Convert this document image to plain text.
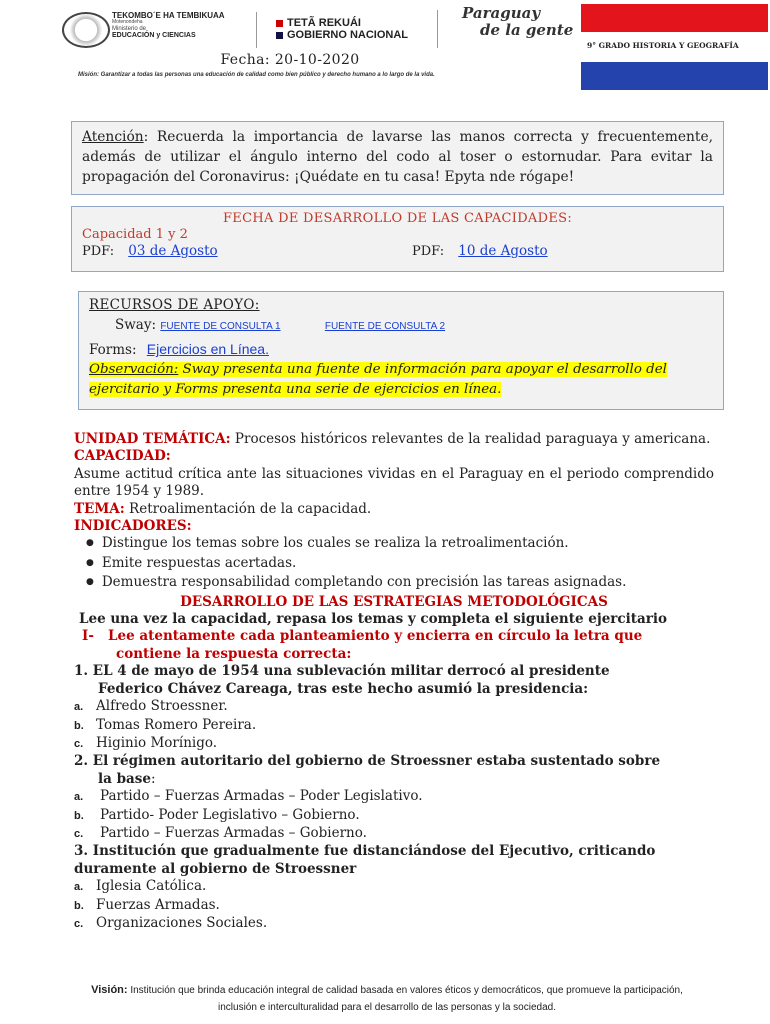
TEKOMBO´E HA TEMBIKUAA
Motenondeha
Ministerio de
EDUCACIÓN y CIENCIAS
TETÃ REKUÁI
GOBIERNO NACIONAL
Paraguay
de la gente
9° GRADO HISTORIA Y GEOGRAFÍA
Fecha: 20-10-2020
Misión: Garantizar a todas las personas una educación de calidad como bien público y derecho humano a lo largo de la vida.
Atención: Recuerda la importancia de lavarse las manos correcta y frecuentemente, además de utilizar el ángulo interno del codo al toser o estornudar. Para evitar la propagación del Coronavirus: ¡Quédate en tu casa! Epyta nde rógape!
FECHA DE DESARROLLO DE LAS CAPACIDADES:
Capacidad 1 y 2
PDF: 03 de Agosto	PDF: 10 de Agosto
RECURSOS DE APOYO:
Sway: FUENTE DE CONSULTA 1	FUENTE DE CONSULTA 2
Forms: Ejercicios en Línea.
Observación: Sway presenta una fuente de información para apoyar el desarrollo del ejercitario y Forms presenta una serie de ejercicios en línea.
UNIDAD TEMÁTICA: Procesos históricos relevantes de la realidad paraguaya y americana.
CAPACIDAD:
Asume actitud crítica ante las situaciones vividas en el Paraguay en el periodo comprendido entre 1954 y 1989.
TEMA: Retroalimentación de la capacidad.
INDICADORES:
● Distingue los temas sobre los cuales se realiza la retroalimentación.
● Emite respuestas acertadas.
● Demuestra responsabilidad completando con precisión las tareas asignadas.
DESARROLLO DE LAS ESTRATEGIAS METODOLÓGICAS
Lee una vez la capacidad, repasa los temas y completa el siguiente ejercitario
I- Lee atentamente cada planteamiento y encierra en círculo la letra que
contiene la respuesta correcta:
1. EL 4 de mayo de 1954 una sublevación militar derrocó al presidente
Federico Chávez Careaga, tras este hecho asumió la presidencia:
a. Alfredo Stroessner.
b. Tomas Romero Pereira.
c. Higinio Morínigo.
2. El régimen autoritario del gobierno de Stroessner estaba sustentado sobre
la base:
a. Partido – Fuerzas Armadas – Poder Legislativo.
b. Partido- Poder Legislativo – Gobierno.
c. Partido – Fuerzas Armadas – Gobierno.
3. Institución que gradualmente fue distanciándose del Ejecutivo, criticando
duramente al gobierno de Stroessner
a. Iglesia Católica.
b. Fuerzas Armadas.
c. Organizaciones Sociales.
Visión: Institución que brinda educación integral de calidad basada en valores éticos y democráticos, que promueve la participación,
inclusión e interculturalidad para el desarrollo de las personas y la sociedad.
